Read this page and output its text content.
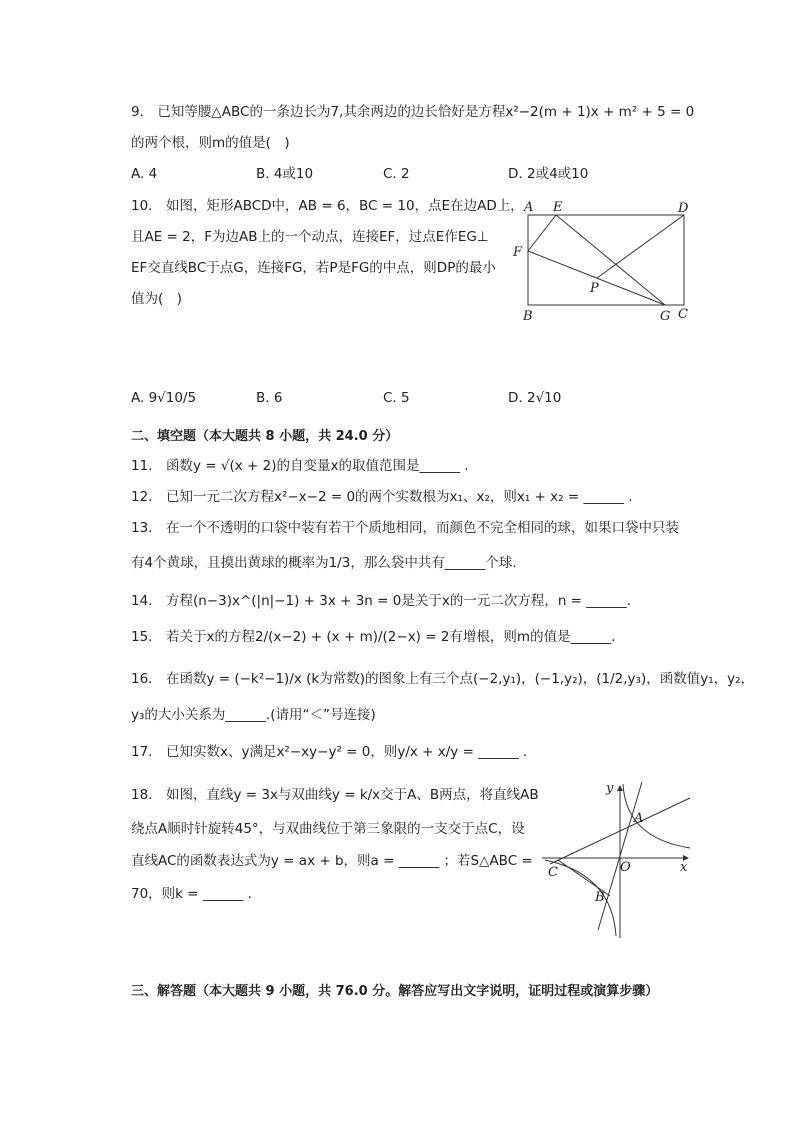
9.　已知等腰△ABC的一条边长为7,其余两边的边长恰好是方程x²−2(m + 1)x + m² + 5 = 0
的两个根，则m的值是(　)
A. 4	B. 4或10	C. 2	D. 2或4或10
10.　如图，矩形ABCD中，AB = 6，BC = 10，点E在边AD上，
且AE = 2，F为边AB上的一个动点，连接EF，过点E作EG⊥
EF交直线BC于点G，连接FG，若P是FG的中点，则DP的最小
值为(　)
A E	D
F
P
B	G C
A. 9√10/5	B. 6	C. 5	D. 2√10
二、填空题（本大题共 8 小题，共 24.0 分）
11.　函数y = √(x + 2)的自变量x的取值范围是______ .
12.　已知一元二次方程x²−x−2 = 0的两个实数根为x₁、x₂，则x₁ + x₂ = ______ .
13.　在一个不透明的口袋中装有若干个质地相同，而颜色不完全相同的球，如果口袋中只装
有4个黄球，且摸出黄球的概率为1/3，那么袋中共有______个球.
14.　方程(n−3)x^(|n|−1) + 3x + 3n = 0是关于x的一元二次方程，n = ______.
15.　若关于x的方程2/(x−2) + (x + m)/(2−x) = 2有增根，则m的值是______.
16.　在函数y = (−k²−1)/x (k为常数)的图象上有三个点(−2,y₁)，(−1,y₂)，(1/2,y₃)，函数值y₁，y₂，
y₃的大小关系为______.(请用“＜”号连接)
17.　已知实数x、y满足x²−xy−y² = 0，则y/x + x/y = ______ .
18.　如图，直线y = 3x与双曲线y = k/x交于A、B两点，将直线AB
绕点A顺时针旋转45°，与双曲线位于第三象限的一支交于点C，设
直线AC的函数表达式为y = ax + b，则a = ______ ；若S△ABC =
70，则k = ______ .
y
A
C	O	x
B
三、解答题（本大题共 9 小题，共 76.0 分。解答应写出文字说明，证明过程或演算步骤）
